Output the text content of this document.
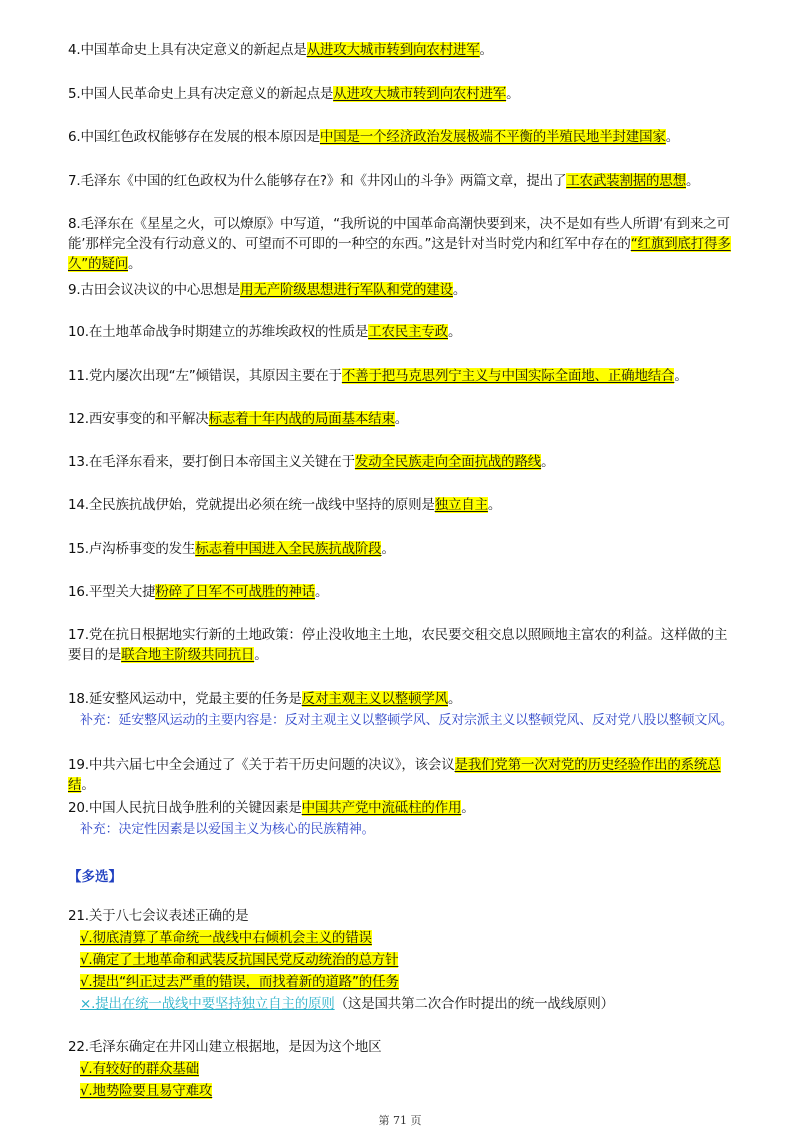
4.中国革命史上具有决定意义的新起点是从进攻大城市转到向农村进军。
5.中国人民革命史上具有决定意义的新起点是从进攻大城市转到向农村进军。
6.中国红色政权能够存在发展的根本原因是中国是一个经济政治发展极端不平衡的半殖民地半封建国家。
7.毛泽东《中国的红色政权为什么能够存在?》和《井冈山的斗争》两篇文章，提出了工农武装割据的思想。
8.毛泽东在《星星之火，可以燎原》中写道，“我所说的中国革命高潮快要到来，决不是如有些人所谓‘有到来之可能’那样完全没有行动意义的、可望而不可即的一种空的东西。”这是针对当时党内和红军中存在的“红旗到底打得多久”的疑问。
9.古田会议决议的中心思想是用无产阶级思想进行军队和党的建设。
10.在土地革命战争时期建立的苏维埃政权的性质是工农民主专政。
11.党内屡次出现“左”倾错误，其原因主要在于不善于把马克思列宁主义与中国实际全面地、正确地结合。
12.西安事变的和平解决标志着十年内战的局面基本结束。
13.在毛泽东看来，要打倒日本帝国主义关键在于发动全民族走向全面抗战的路线。
14.全民族抗战伊始，党就提出必须在统一战线中坚持的原则是独立自主。
15.卢沟桥事变的发生标志着中国进入全民族抗战阶段。
16.平型关大捷粉碎了日军不可战胜的神话。
17.党在抗日根据地实行新的土地政策：停止没收地主土地，农民要交租交息以照顾地主富农的利益。这样做的主要目的是联合地主阶级共同抗日。
18.延安整风运动中，党最主要的任务是反对主观主义以整顿学风。
补充：延安整风运动的主要内容是：反对主观主义以整顿学风、反对宗派主义以整顿党风、反对党八股以整顿文风。
19.中共六届七中全会通过了《关于若干历史问题的决议》，该会议是我们党第一次对党的历史经验作出的系统总结。
20.中国人民抗日战争胜利的关键因素是中国共产党中流砥柱的作用。
补充：决定性因素是以爱国主义为核心的民族精神。
【多选】
21.关于八七会议表述正确的是
√.彻底清算了革命统一战线中右倾机会主义的错误
√.确定了土地革命和武装反抗国民党反动统治的总方针
√.提出“纠正过去严重的错误，而找着新的道路”的任务
×.提出在统一战线中要坚持独立自主的原则（这是国共第二次合作时提出的统一战线原则）
22.毛泽东确定在井冈山建立根据地，是因为这个地区
√.有较好的群众基础
√.地势险要且易守难攻
第 71 页
